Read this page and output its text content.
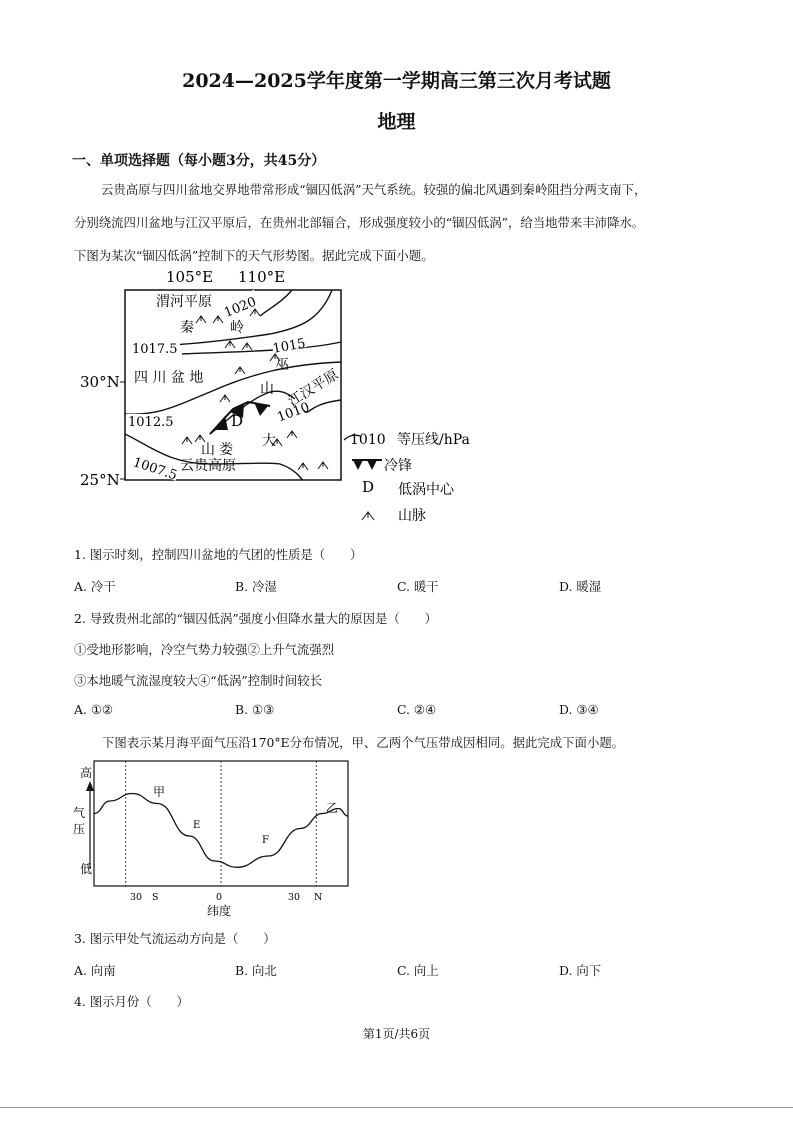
2024—2025学年度第一学期高三第三次月考试题
地理
一、单项选择题（每小题3分，共45分）
云贵高原与四川盆地交界地带常形成“锢囚低涡”天气系统。较强的偏北风遇到秦岭阻挡分两支南下，
分别绕流四川盆地与江汉平原后，在贵州北部辐合，形成强度较小的“锢囚低涡”，给当地带来丰沛降水。
下图为某次“锢囚低涡”控制下的天气形势图。据此完成下面小题。
105°E 110°E
30°N
25°N
1020
1017.5	1015
1012.5	1010
1007.5
D
渭河平原
秦	岭
四 川 盆 地
巫
山 江汉平原
大
娄
山
云贵高原
1010 等压线/hPa
冷锋
D 低涡中心
山脉
1. 图示时刻，控制四川盆地的气团的性质是（　　）
A. 冷干	B. 冷湿	C. 暖干	D. 暖湿
2. 导致贵州北部的“锢囚低涡”强度小但降水量大的原因是（　　）
①受地形影响，冷空气势力较强②上升气流强烈
③本地暖气流湿度较大④“低涡”控制时间较长
A. ①②	B. ①③	C. ②④	D. ③④
下图表示某月海平面气压沿170°E分布情况，甲、乙两个气压带成因相同。据此完成下面小题。
高
气
压
低
甲
乙
E
F
30 S	0	30 N
纬度
3. 图示甲处气流运动方向是（　　）
A. 向南	B. 向北	C. 向上	D. 向下
4. 图示月份（　　）
第1页/共6页
